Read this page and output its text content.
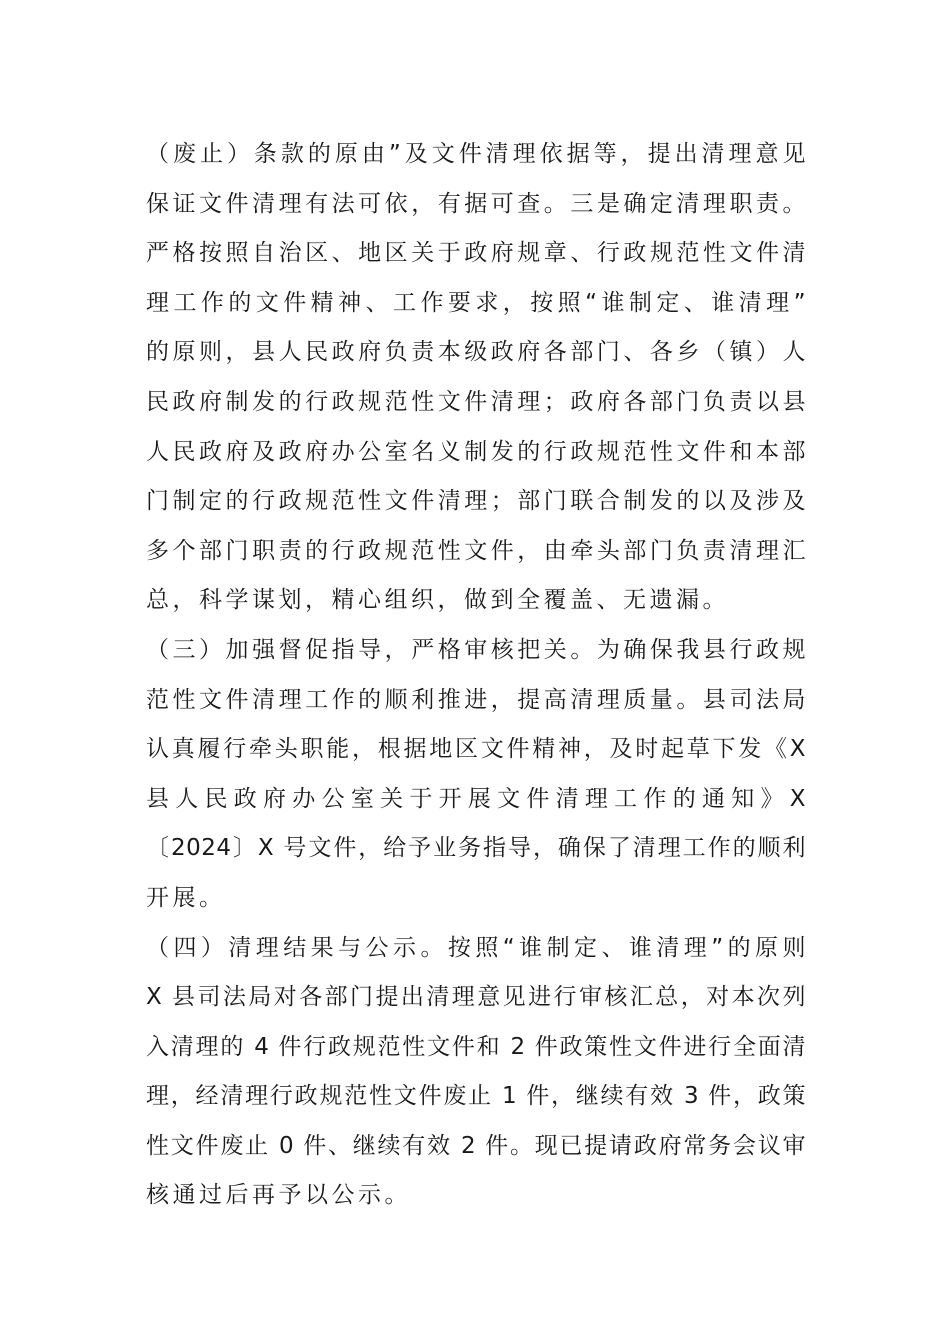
（废止）条款的原由”及文件清理依据等，提出清理意见
保证文件清理有法可依，有据可查。三是确定清理职责。
严格按照自治区、地区关于政府规章、行政规范性文件清
理工作的文件精神、工作要求，按照“谁制定、谁清理”
的原则，县人民政府负责本级政府各部门、各乡（镇）人
民政府制发的行政规范性文件清理；政府各部门负责以县
人民政府及政府办公室名义制发的行政规范性文件和本部
门制定的行政规范性文件清理；部门联合制发的以及涉及
多个部门职责的行政规范性文件，由牵头部门负责清理汇
总，科学谋划，精心组织，做到全覆盖、无遗漏。
（三）加强督促指导，严格审核把关。为确保我县行政规
范性文件清理工作的顺利推进，提高清理质量。县司法局
认真履行牵头职能，根据地区文件精神，及时起草下发《X
县人民政府办公室关于开展文件清理工作的通知》X
〔2024〕X 号文件，给予业务指导，确保了清理工作的顺利
开展。
（四）清理结果与公示。按照“谁制定、谁清理”的原则
X 县司法局对各部门提出清理意见进行审核汇总，对本次列
入清理的 4 件行政规范性文件和 2 件政策性文件进行全面清
理，经清理行政规范性文件废止 1 件，继续有效 3 件，政策
性文件废止 0 件、继续有效 2 件。现已提请政府常务会议审
核通过后再予以公示。
